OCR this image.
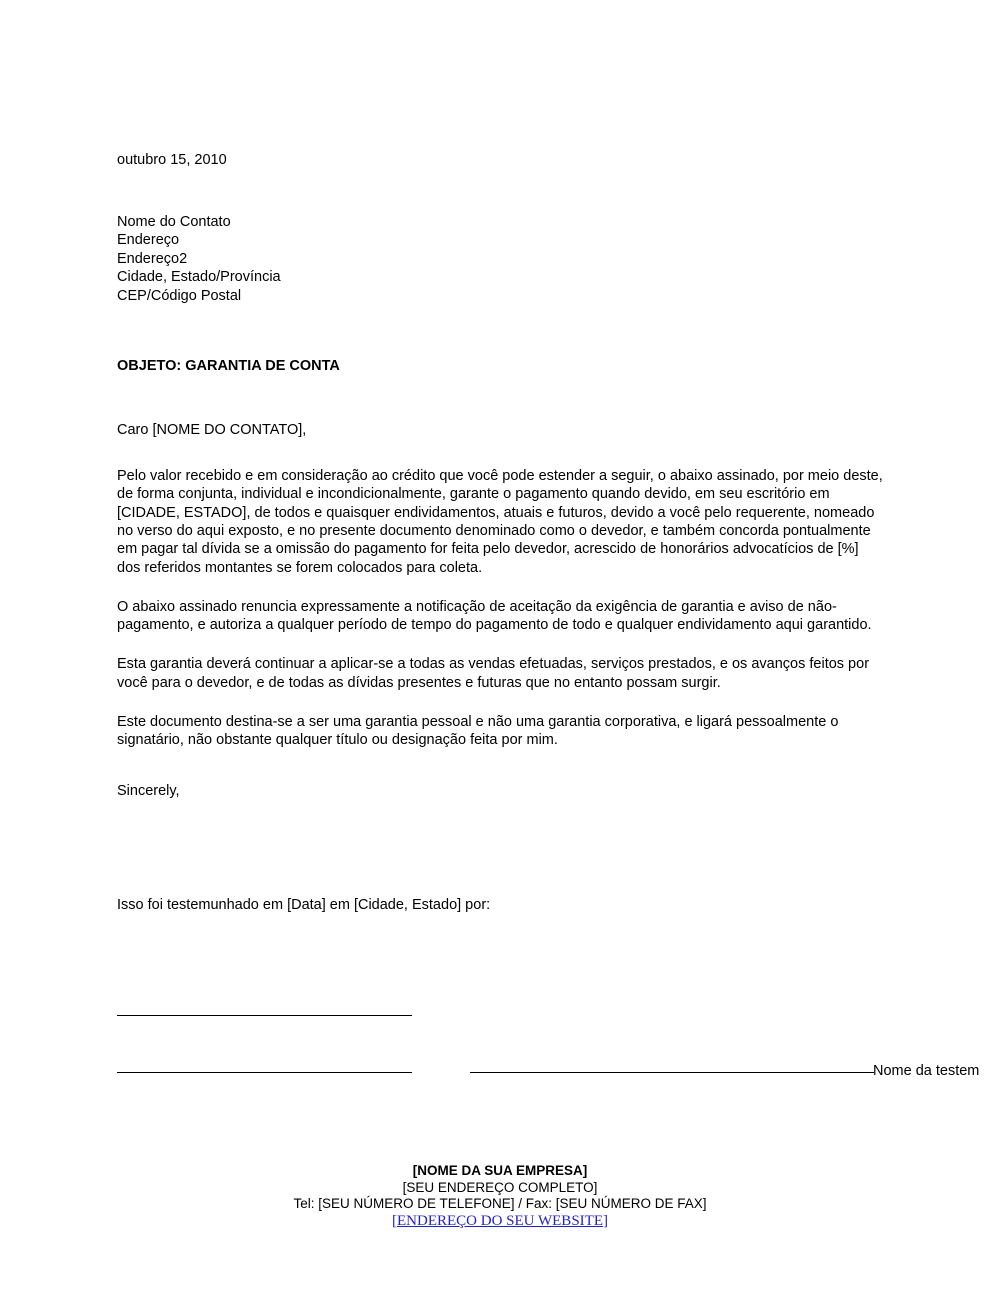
outubro 15, 2010
Nome do Contato
Endereço
Endereço2
Cidade, Estado/Província
CEP/Código Postal
OBJETO: GARANTIA DE CONTA
Caro [NOME DO CONTATO],

Pelo valor recebido e em consideração ao crédito que você pode estender a seguir, o abaixo assinado, por meio deste, de forma conjunta, individual e incondicionalmente, garante o pagamento quando devido, em seu escritório em [CIDADE, ESTADO], de todos e quaisquer endividamentos, atuais e futuros, devido a você pelo requerente, nomeado no verso do aqui exposto, e no presente documento denominado como o devedor, e também concorda pontualmente em pagar tal dívida se a omissão do pagamento for feita pelo devedor, acrescido de honorários advocatícios de [%] dos referidos montantes se forem colocados para coleta.

O abaixo assinado renuncia expressamente a notificação de aceitação da exigência de garantia e aviso de não-pagamento, e autoriza a qualquer período de tempo do pagamento de todo e qualquer endividamento aqui garantido.

Esta garantia deverá continuar a aplicar-se a todas as vendas efetuadas, serviços prestados, e os avanços feitos por você para o devedor, e de todas as dívidas presentes e futuras que no entanto possam surgir.

Este documento destina-se a ser uma garantia pessoal e não uma garantia corporativa, e ligará pessoalmente o signatário, não obstante qualquer título ou designação feita por mim.

Sincerely,
Isso foi testemunhado em [Data] em [Cidade, Estado] por:
Nome da testem
[NOME DA SUA EMPRESA]
[SEU ENDEREÇO COMPLETO]
Tel: [SEU NÚMERO DE TELEFONE] / Fax: [SEU NÚMERO DE FAX]
[ENDEREÇO DO SEU WEBSITE]
